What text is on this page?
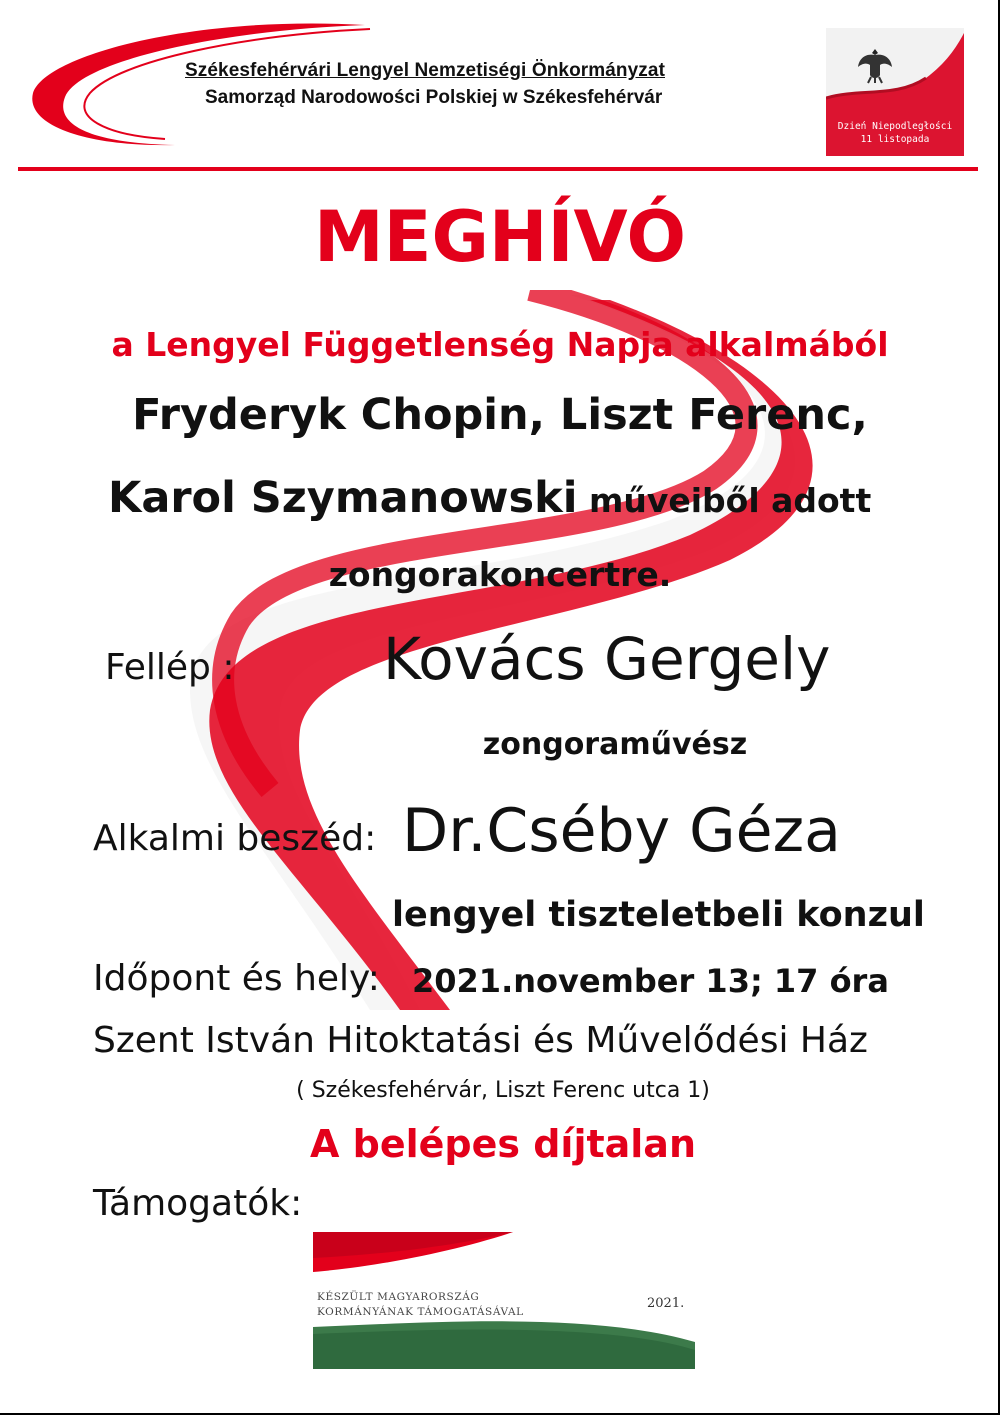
Székesfehérvári Lengyel Nemzetiségi Önkormányzat
Samorząd Narodowości Polskiej w Székesfehérvár
Dzień Niepodległości
11 listopada
MEGHÍVÓ
a Lengyel Függetlenség Napja alkalmából
Fryderyk Chopin, Liszt Ferenc,
Karol Szymanowski műveiből adott
zongorakoncertre.
Fellép :	Kovács Gergely
zongoraművész
Alkalmi beszéd: Dr.Cséby Géza
lengyel tiszteletbeli konzul
Időpont és hely: 2021.november 13; 17 óra
Szent István Hitoktatási és Művelődési Ház
( Székesfehérvár, Liszt Ferenc utca 1)
A belépes díjtalan
Támogatók:
KÉSZÜLT MAGYARORSZÁG
KORMÁNYÁNAK TÁMOGATÁSÁVAL
2021.
